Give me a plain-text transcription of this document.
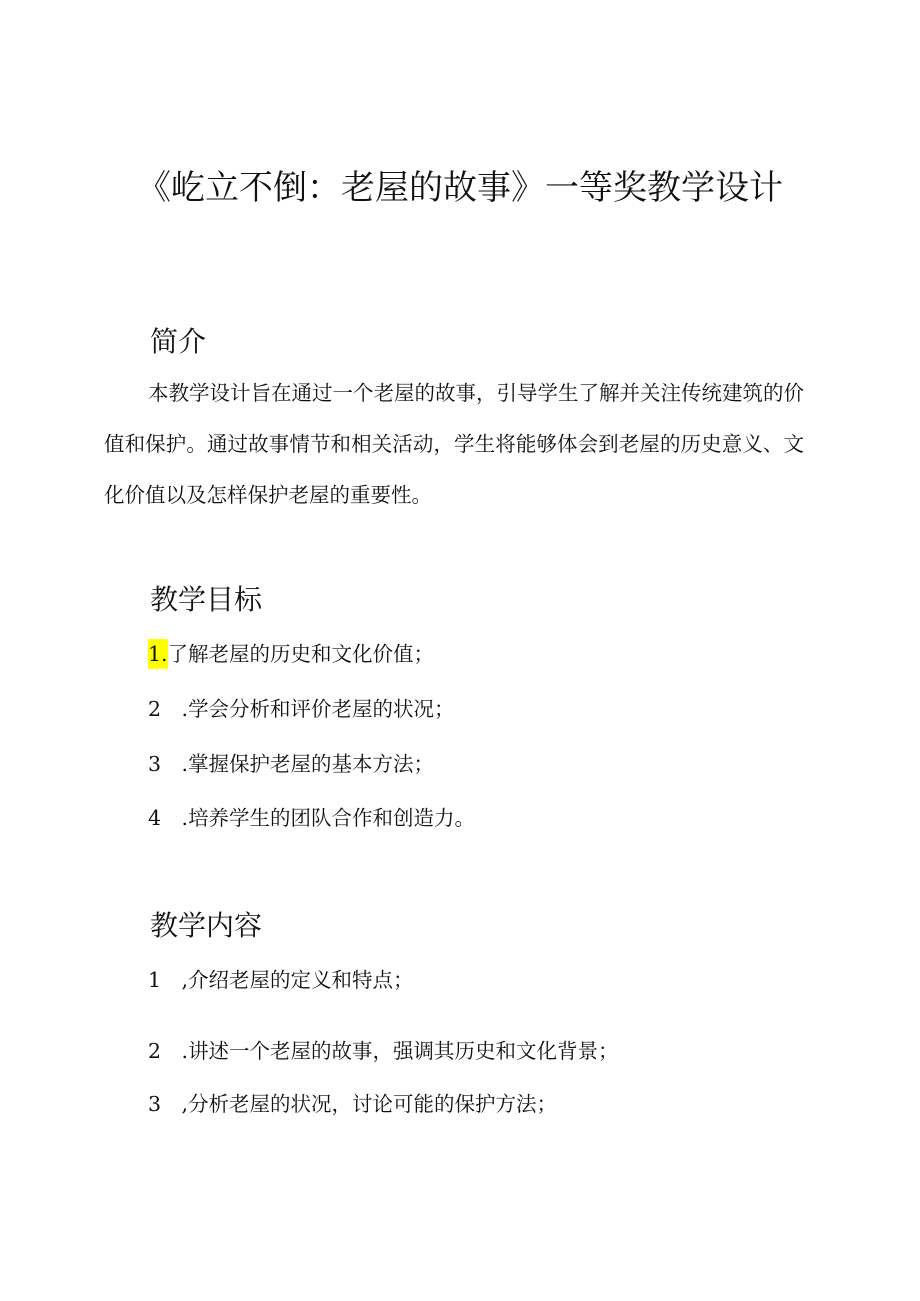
《屹立不倒：老屋的故事》一等奖教学设计
简介
本教学设计旨在通过一个老屋的故事，引导学生了解并关注传统建筑的价值和保护。通过故事情节和相关活动，学生将能够体会到老屋的历史意义、文化价值以及怎样保护老屋的重要性。
教学目标
1.了解老屋的历史和文化价值；
2 .学会分析和评价老屋的状况；
3 .掌握保护老屋的基本方法；
4 .培养学生的团队合作和创造力。
教学内容
1 ,介绍老屋的定义和特点；
2 .讲述一个老屋的故事，强调其历史和文化背景；
3 ,分析老屋的状况，讨论可能的保护方法；
